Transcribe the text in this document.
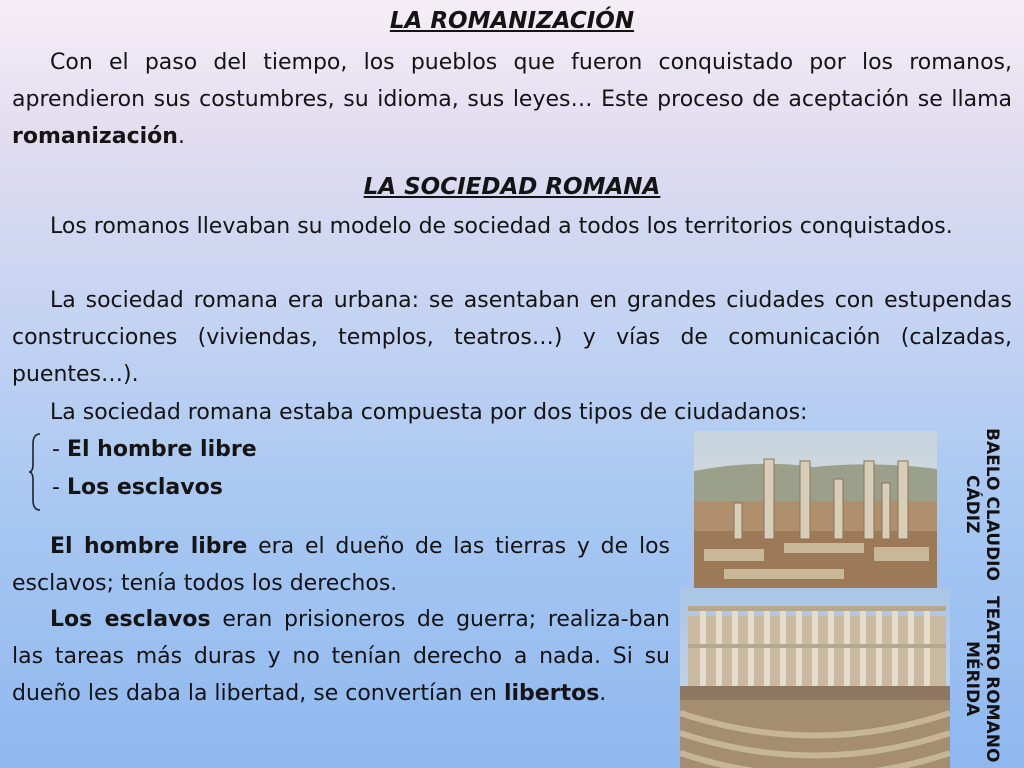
LA ROMANIZACIÓN
Con el paso del tiempo, los pueblos que fueron conquistado por los romanos, aprendieron sus costumbres, su idioma, sus leyes… Este proceso de aceptación se llama romanización.
LA SOCIEDAD ROMANA
Los romanos llevaban su modelo de sociedad a todos los territorios conquistados.
La sociedad romana era urbana: se asentaban en grandes ciudades con estupendas construcciones (viviendas, templos, teatros…) y vías de comunicación (calzadas, puentes…).
La sociedad romana estaba compuesta por dos tipos de ciudadanos:
- El hombre libre
- Los esclavos
El hombre libre era el dueño de las tierras y de los esclavos; tenía todos los derechos.
Los esclavos eran prisioneros de guerra; realiza-ban las tareas más duras y no tenían derecho a nada. Si su dueño les daba la libertad, se convertían en libertos.
BAELO CLAUDIO
CÁDIZ
TEATRO ROMANO
MÉRIDA
